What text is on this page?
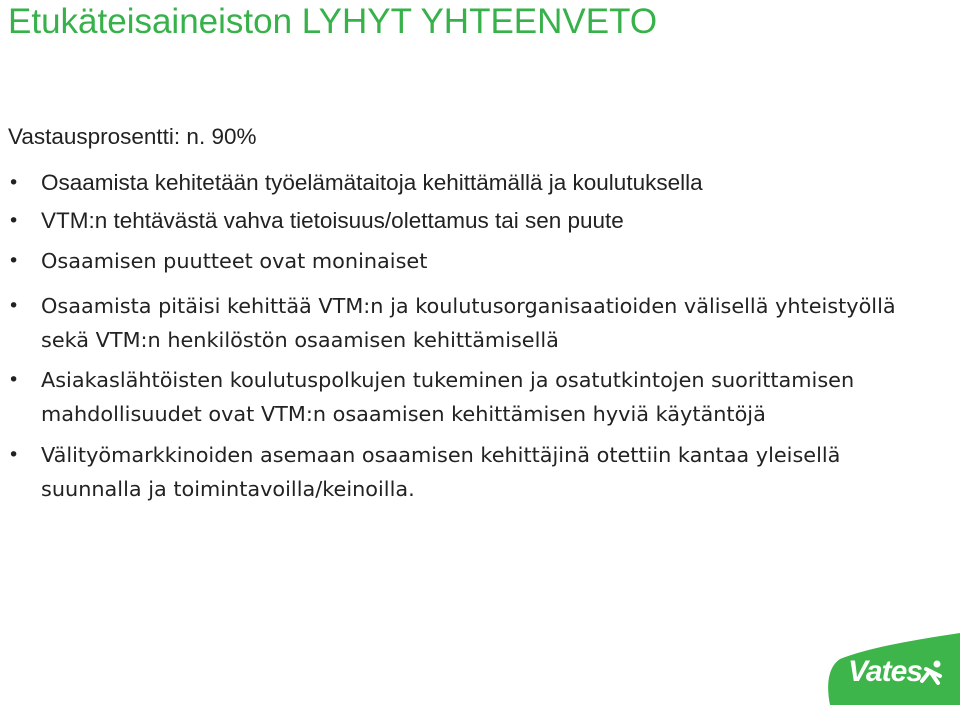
Etukäteisaineiston LYHYT YHTEENVETO
Vastausprosentti: n. 90%
• Osaamista kehitetään työelämätaitoja kehittämällä ja koulutuksella
• VTM:n tehtävästä vahva tietoisuus/olettamus tai sen puute
•	Osaamisen puutteet ovat moninaiset
•	Osaamista pitäisi kehittää VTM:n ja koulutusorganisaatioiden välisellä yhteistyöllä sekä VTM:n henkilöstön osaamisen kehittämisellä
•	Asiakaslähtöisten koulutuspolkujen tukeminen ja osatutkintojen suorittamisen mahdollisuudet ovat VTM:n osaamisen kehittämisen hyviä käytäntöjä
•	Välityömarkkinoiden asemaan osaamisen kehittäjinä otettiin kantaa yleisellä suunnalla ja toimintavoilla/keinoilla.
Vates
